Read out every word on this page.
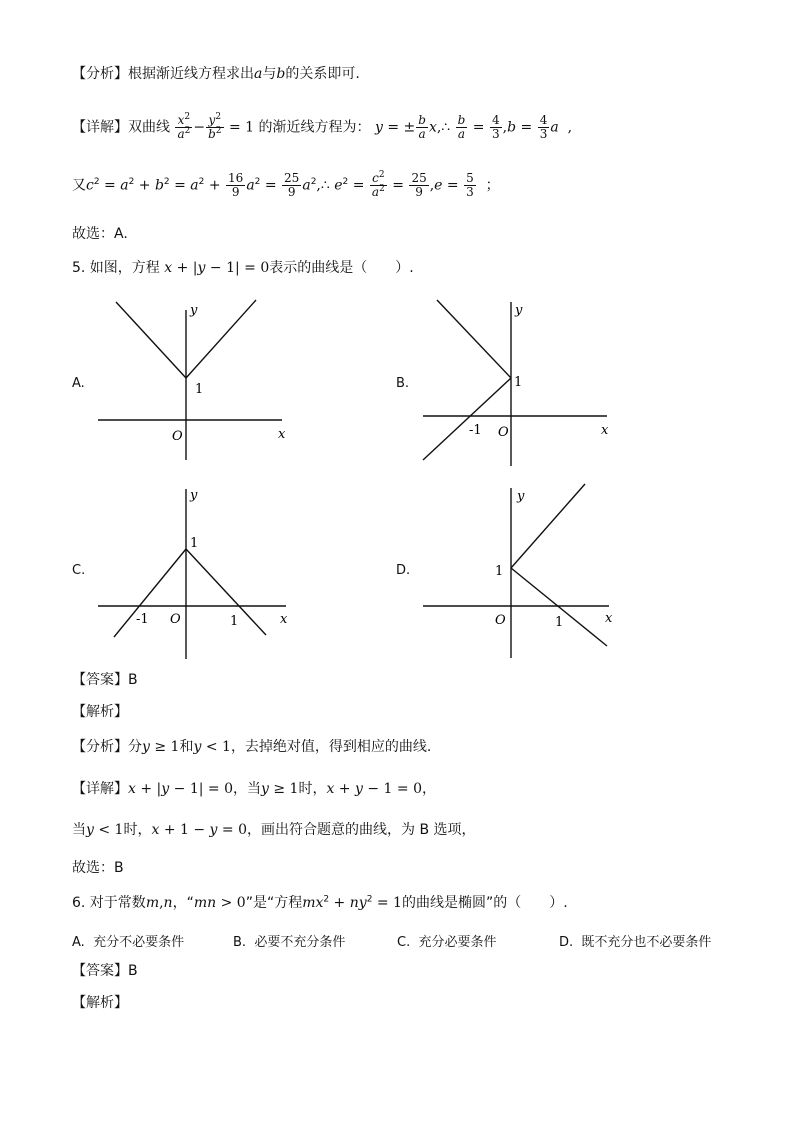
【分析】根据渐近线方程求出a与b的关系即可.
【详解】双曲线 $\frac{x^2}{a^2} - \frac{y^2}{b^2} = 1$ 的渐近线方程为： y = ± $\frac{b}{a}$ x,∴ $\frac{b}{a} = \frac{4}{3} ,b = \frac{4}{3}$ a  ,
又$c^2 = a^2 + b^2 = a^2 + \frac{16}{9} a^2 = \frac{25}{9}$ $a^2,\therefore$ $e^2 = \frac{c^2}{a^2} = \frac{25}{9} ,e = \frac{5}{3}$ ；
故选：A.
5. 如图，方程 x + |y − 1| = 0表示的曲线是（　　）.
A.
y
x
O
1	B.
y
x
O
1
-1
C.
y
x
O
1
-1	1
D.
y
x
O
1
1
【答案】B
【解析】
【分析】分y ≥ 1和y < 1，去掉绝对值，得到相应的曲线.
【详解】x + |y − 1| = 0，当y ≥ 1时，x + y − 1 = 0，
当y < 1时，x + 1 − y = 0，画出符合题意的曲线，为 B 选项，
故选：B
6. 对于常数m,n，“mn > 0”是“方程$mx^2 + ny^2 = 1$的曲线是椭圆”的（　　）.
A. 充分不必要条件	B. 必要不充分条件	C. 充分必要条件	D. 既不充分也不必要条件
【答案】B
【解析】
